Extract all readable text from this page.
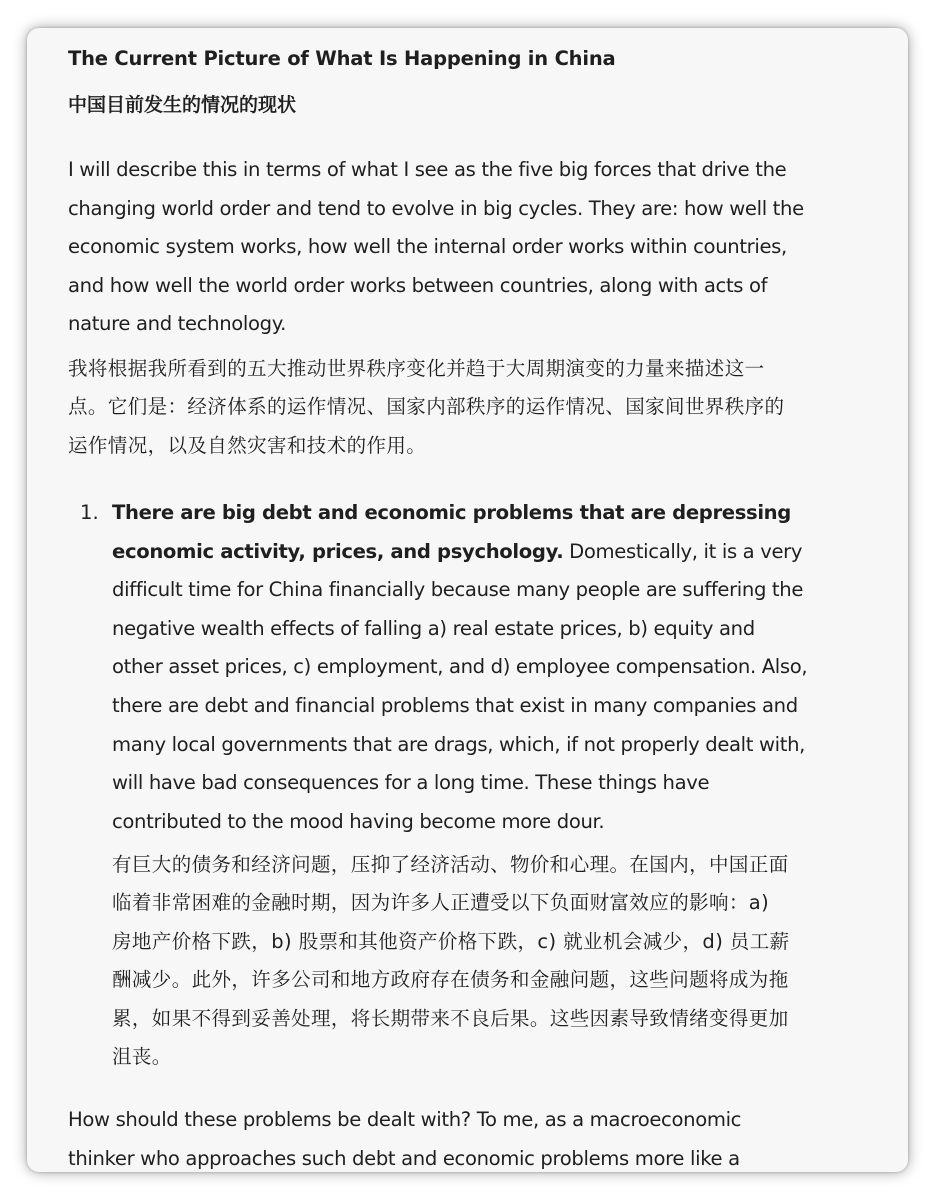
The Current Picture of What Is Happening in China
中国目前发生的情况的现状
I will describe this in terms of what I see as the five big forces that drive the
changing world order and tend to evolve in big cycles. They are: how well the
economic system works, how well the internal order works within countries,
and how well the world order works between countries, along with acts of
nature and technology.
我将根据我所看到的五大推动世界秩序变化并趋于大周期演变的力量来描述这一
点。它们是：经济体系的运作情况、国家内部秩序的运作情况、国家间世界秩序的
运作情况，以及自然灾害和技术的作用。
1. There are big debt and economic problems that are depressing
economic activity, prices, and psychology. Domestically, it is a very
difficult time for China financially because many people are suffering the
negative wealth effects of falling a) real estate prices, b) equity and
other asset prices, c) employment, and d) employee compensation. Also,
there are debt and financial problems that exist in many companies and
many local governments that are drags, which, if not properly dealt with,
will have bad consequences for a long time. These things have
contributed to the mood having become more dour.
有巨大的债务和经济问题，压抑了经济活动、物价和心理。在国内，中国正面
临着非常困难的金融时期，因为许多人正遭受以下负面财富效应的影响：a)
房地产价格下跌，b) 股票和其他资产价格下跌，c) 就业机会减少，d) 员工薪
酬减少。此外，许多公司和地方政府存在债务和金融问题，这些问题将成为拖
累，如果不得到妥善处理，将长期带来不良后果。这些因素导致情绪变得更加
沮丧。
How should these problems be dealt with? To me, as a macroeconomic
thinker who approaches such debt and economic problems more like a
